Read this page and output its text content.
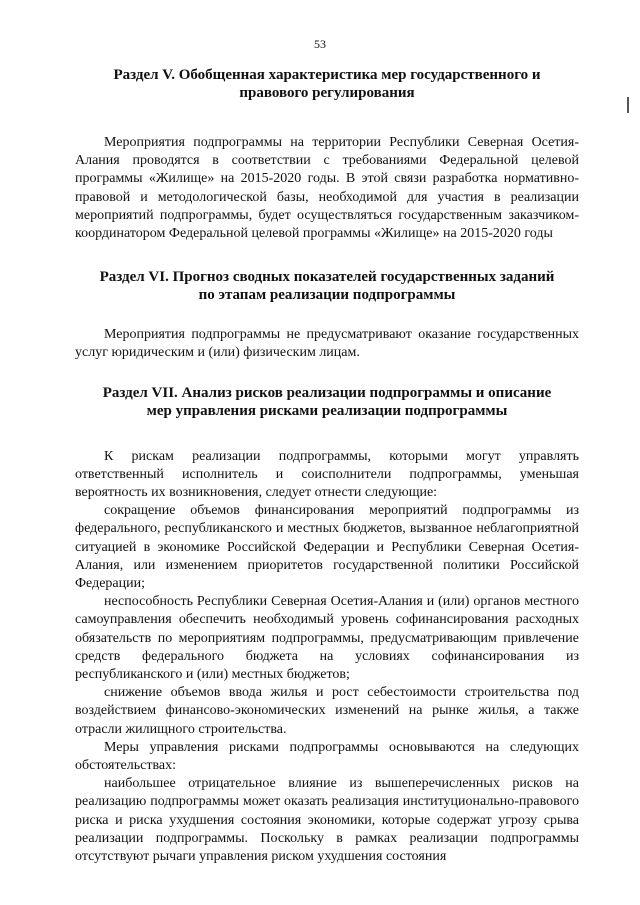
53
Раздел V. Обобщенная характеристика мер государственного и
правового регулирования

Мероприятия подпрограммы на территории Республики Северная Осетия-Алания проводятся в соответствии с требованиями Федеральной целевой программы «Жилище» на 2015-2020 годы. В этой связи разработка нормативно-правовой и методологической базы, необходимой для участия в реализации мероприятий подпрограммы, будет осуществляться государственным заказчиком-координатором Федеральной целевой программы «Жилище» на 2015-2020 годы

Раздел VI. Прогноз сводных показателей государственных заданий
по этапам реализации подпрограммы

Мероприятия подпрограммы не предусматривают оказание государственных услуг юридическим и (или) физическим лицам.

Раздел VII. Анализ рисков реализации подпрограммы и описание
мер управления рисками реализации подпрограммы

К рискам реализации подпрограммы, которыми могут управлять ответственный исполнитель и соисполнители подпрограммы, уменьшая вероятность их возникновения, следует отнести следующие:

сокращение объемов финансирования мероприятий подпрограммы из федерального, республиканского и местных бюджетов, вызванное неблагоприятной ситуацией в экономике Российской Федерации и Республики Северная Осетия-Алания, или изменением приоритетов государственной политики Российской Федерации;

неспособность Республики Северная Осетия-Алания и (или) органов местного самоуправления обеспечить необходимый уровень софинансирования расходных обязательств по мероприятиям подпрограммы, предусматривающим привлечение средств федерального бюджета на условиях софинансирования из республиканского и (или) местных бюджетов;

снижение объемов ввода жилья и рост себестоимости строительства под воздействием финансово-экономических изменений на рынке жилья, а также отрасли жилищного строительства.

Меры управления рисками подпрограммы основываются на следующих обстоятельствах:

наибольшее отрицательное влияние из вышеперечисленных рисков на реализацию подпрограммы может оказать реализация институционально-правового риска и риска ухудшения состояния экономики, которые содержат угрозу срыва реализации подпрограммы. Поскольку в рамках реализации подпрограммы отсутствуют рычаги управления риском ухудшения состояния
